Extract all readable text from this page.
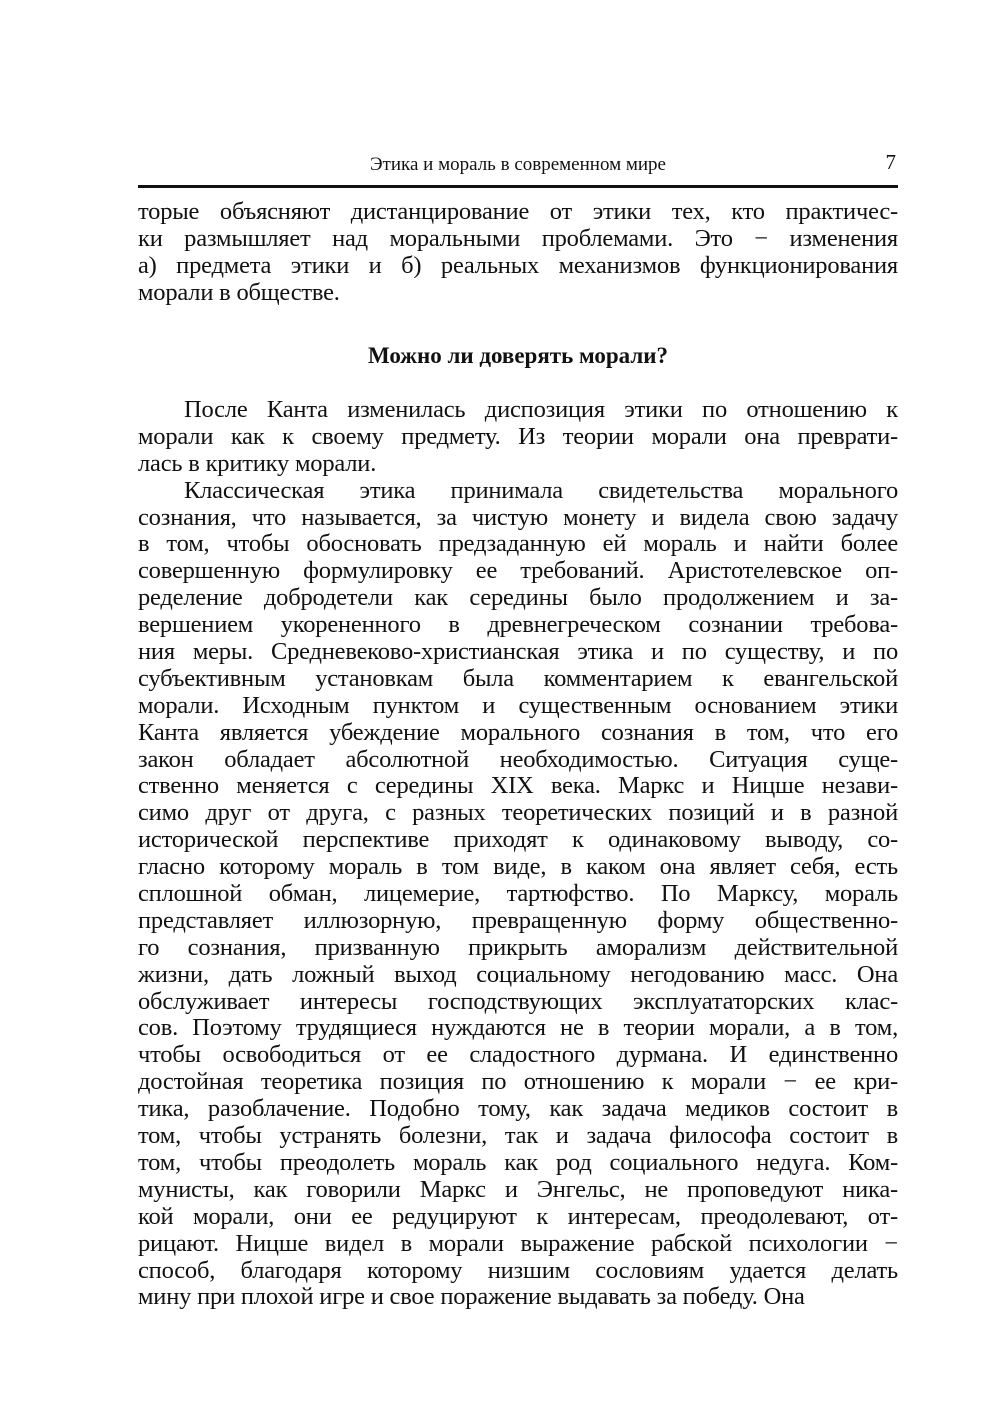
Этика и мораль в современном мире	7
торые объясняют дистанцирование от этики тех, кто практичес-
ки размышляет над моральными проблемами. Это − изменения
а) предмета этики и б) реальных механизмов функционирования
морали в обществе.
Можно ли доверять морали?
После Канта изменилась диспозиция этики по отношению к
морали как к своему предмету. Из теории морали она преврати-
лась в критику морали.
Классическая этика принимала свидетельства морального
сознания, что называется, за чистую монету и видела свою задачу
в том, чтобы обосновать предзаданную ей мораль и найти более
совершенную формулировку ее требований. Аристотелевское оп-
ределение добродетели как середины было продолжением и за-
вершением укорененного в древнегреческом сознании требова-
ния меры. Средневеково-христианская этика и по существу, и по
субъективным установкам была комментарием к евангельской
морали. Исходным пунктом и существенным основанием этики
Канта является убеждение морального сознания в том, что его
закон обладает абсолютной необходимостью. Ситуация суще-
ственно меняется с середины XIX века. Маркс и Ницше незави-
симо друг от друга, с разных теоретических позиций и в разной
исторической перспективе приходят к одинаковому выводу, со-
гласно которому мораль в том виде, в каком она являет себя, есть
сплошной обман, лицемерие, тартюфство. По Марксу, мораль
представляет иллюзорную, превращенную форму общественно-
го сознания, призванную прикрыть аморализм действительной
жизни, дать ложный выход социальному негодованию масс. Она
обслуживает интересы господствующих эксплуататорских клас-
сов. Поэтому трудящиеся нуждаются не в теории морали, а в том,
чтобы освободиться от ее сладостного дурмана. И единственно
достойная теоретика позиция по отношению к морали − ее кри-
тика, разоблачение. Подобно тому, как задача медиков состоит в
том, чтобы устранять болезни, так и задача философа состоит в
том, чтобы преодолеть мораль как род социального недуга. Ком-
мунисты, как говорили Маркс и Энгельс, не проповедуют ника-
кой морали, они ее редуцируют к интересам, преодолевают, от-
рицают. Ницше видел в морали выражение рабской психологии −
способ, благодаря которому низшим сословиям удается делать
мину при плохой игре и свое поражение выдавать за победу. Она
